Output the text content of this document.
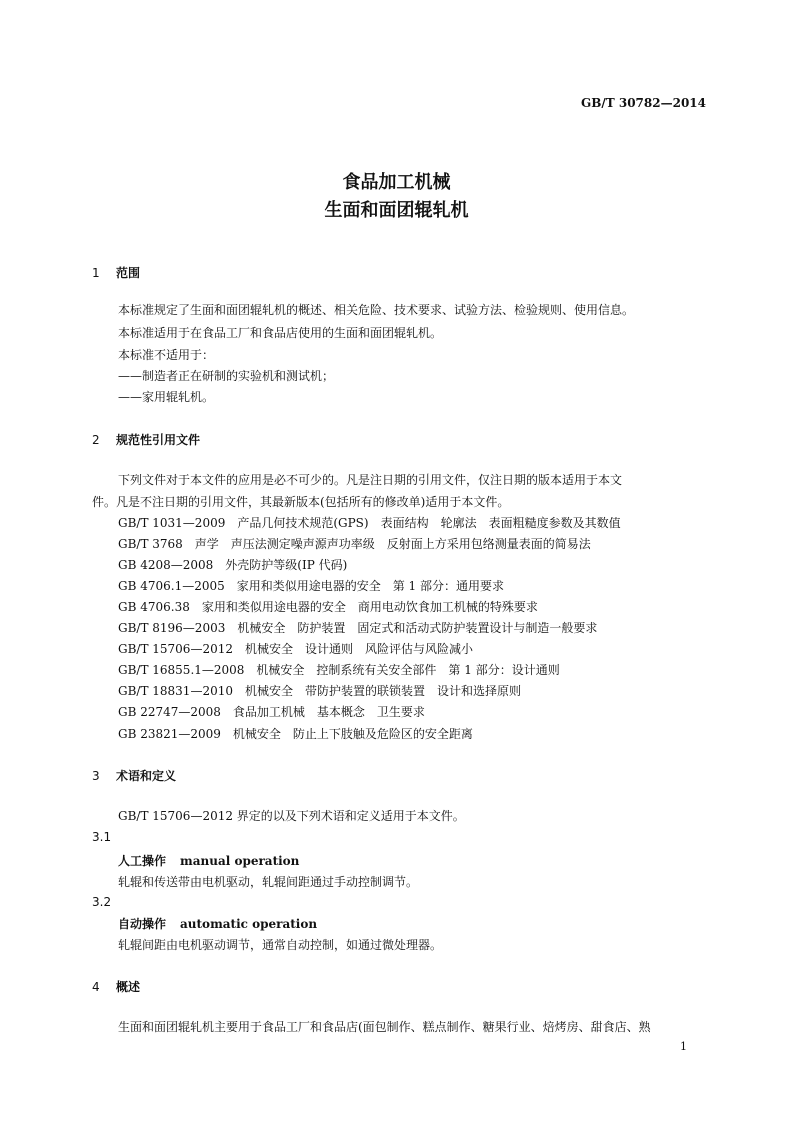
GB/T 30782—2014
食品加工机械
生面和面团辊轧机
1 范围
本标准规定了生面和面团辊轧机的概述、相关危险、技术要求、试验方法、检验规则、使用信息。
本标准适用于在食品工厂和食品店使用的生面和面团辊轧机。
本标准不适用于：
——制造者正在研制的实验机和测试机；
——家用辊轧机。
2 规范性引用文件
下列文件对于本文件的应用是必不可少的。凡是注日期的引用文件，仅注日期的版本适用于本文
件。凡是不注日期的引用文件，其最新版本(包括所有的修改单)适用于本文件。
GB/T 1031—2009　产品几何技术规范(GPS)　表面结构　轮廓法　表面粗糙度参数及其数值
GB/T 3768　声学　声压法测定噪声源声功率级　反射面上方采用包络测量表面的简易法
GB 4208—2008　外壳防护等级(IP 代码)
GB 4706.1—2005　家用和类似用途电器的安全　第 1 部分：通用要求
GB 4706.38　家用和类似用途电器的安全　商用电动饮食加工机械的特殊要求
GB/T 8196—2003　机械安全　防护装置　固定式和活动式防护装置设计与制造一般要求
GB/T 15706—2012　机械安全　设计通则　风险评估与风险减小
GB/T 16855.1—2008　机械安全　控制系统有关安全部件　第 1 部分：设计通则
GB/T 18831—2010　机械安全　带防护装置的联锁装置　设计和选择原则
GB 22747—2008　食品加工机械　基本概念　卫生要求
GB 23821—2009　机械安全　防止上下肢触及危险区的安全距离
3 术语和定义
GB/T 15706—2012 界定的以及下列术语和定义适用于本文件。
3.1
人工操作 manual operation
轧辊和传送带由电机驱动，轧辊间距通过手动控制调节。
3.2
自动操作 automatic operation
轧辊间距由电机驱动调节，通常自动控制，如通过微处理器。
4 概述
生面和面团辊轧机主要用于食品工厂和食品店(面包制作、糕点制作、糖果行业、焙烤房、甜食店、熟
1
